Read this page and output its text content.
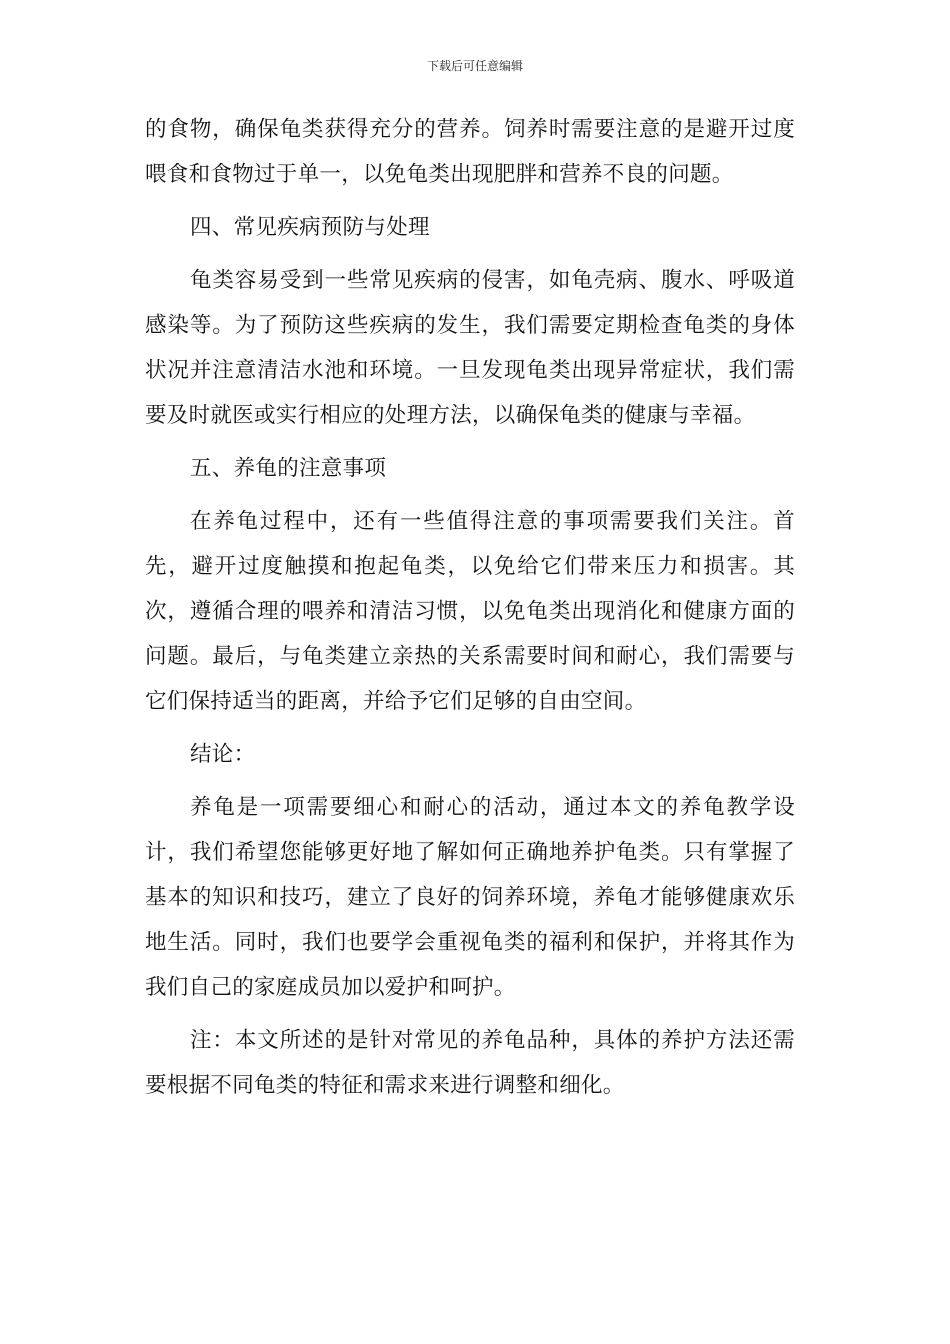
下载后可任意编辑

的食物，确保龟类获得充分的营养。饲养时需要注意的是避开过度喂食和食物过于单一，以免龟类出现肥胖和营养不良的问题。

四、常见疾病预防与处理

龟类容易受到一些常见疾病的侵害，如龟壳病、腹水、呼吸道感染等。为了预防这些疾病的发生，我们需要定期检查龟类的身体状况并注意清洁水池和环境。一旦发现龟类出现异常症状，我们需要及时就医或实行相应的处理方法，以确保龟类的健康与幸福。

五、养龟的注意事项

在养龟过程中，还有一些值得注意的事项需要我们关注。首先，避开过度触摸和抱起龟类，以免给它们带来压力和损害。其次，遵循合理的喂养和清洁习惯，以免龟类出现消化和健康方面的问题。最后，与龟类建立亲热的关系需要时间和耐心，我们需要与它们保持适当的距离，并给予它们足够的自由空间。

结论：

养龟是一项需要细心和耐心的活动，通过本文的养龟教学设计，我们希望您能够更好地了解如何正确地养护龟类。只有掌握了基本的知识和技巧，建立了良好的饲养环境，养龟才能够健康欢乐地生活。同时，我们也要学会重视龟类的福利和保护，并将其作为我们自己的家庭成员加以爱护和呵护。

注：本文所述的是针对常见的养龟品种，具体的养护方法还需要根据不同龟类的特征和需求来进行调整和细化。
